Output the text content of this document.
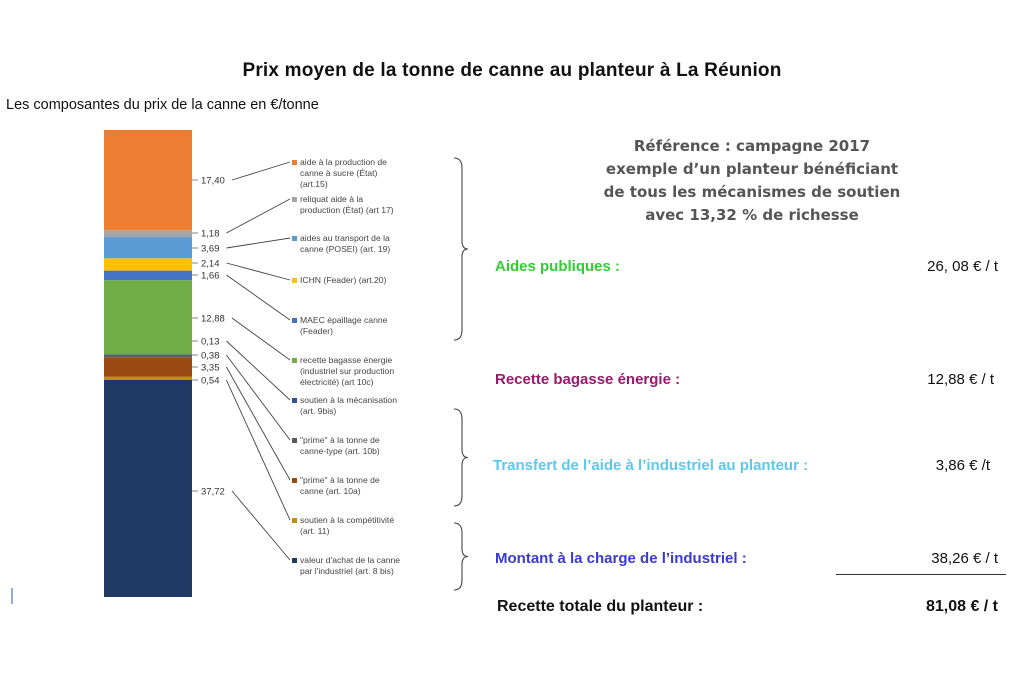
Prix moyen de la tonne de canne au planteur à La Réunion
Les composantes du prix de la canne en €/tonne
17,40
aide à la production de
canne à sucre (État)
(art.15)
1,18
reliquat aide à la
production (État) (art 17)
3,69
aides au transport de la
canne (POSEI) (art. 19)
2,14
ICHN (Feader) (art.20)
1,66
MAEC épaillage canne
(Feader)
12,88
recette bagasse énergie
(industriel sur production
électricité) (art 10c)
0,13
soutien à la mécanisation
(art. 9bis)
0,38
"prime" à la tonne de
canne-type (art. 10b)
3,35
"prime" à la tonne de
canne (art. 10a)
0,54
soutien à la compétitivité
(art. 11)
37,72
valeur d'achat de la canne
par l'industriel (art. 8 bis)
Référence : campagne 2017
exemple d’un planteur bénéficiant
de tous les mécanismes de soutien
avec 13,32 % de richesse
Aides publiques :	26, 08 € / t
Recette bagasse énergie :	12,88 € / t
Transfert de l’aide à l’industriel au planteur :	3,86 € /t
Montant à la charge de l’industriel :	38,26 € / t
Recette totale du planteur :	81,08 € / t
